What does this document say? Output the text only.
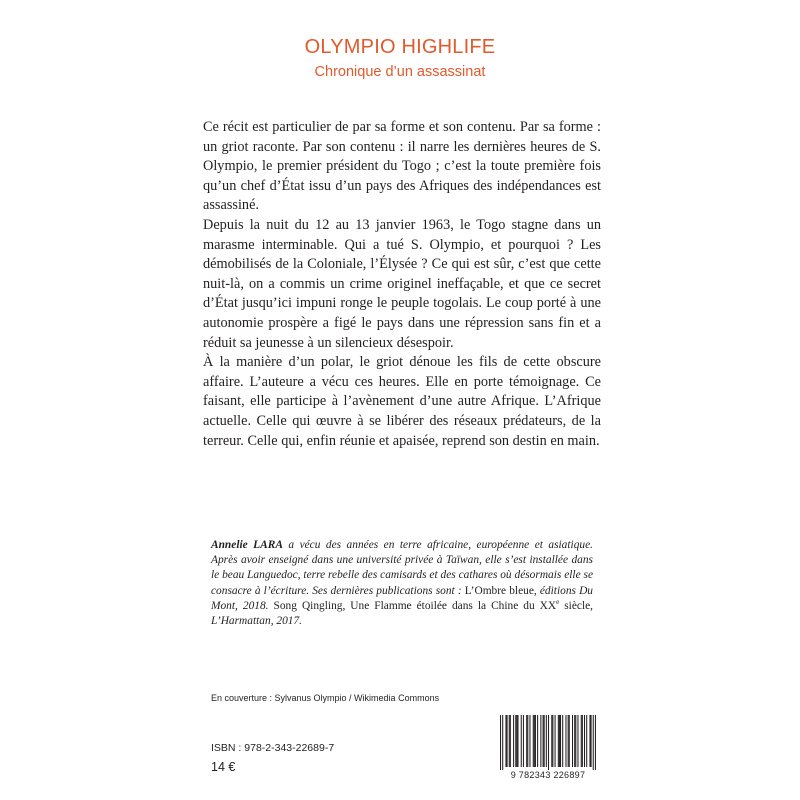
OLYMPIO HIGHLIFE
Chronique d’un assassinat

Ce récit est particulier de par sa forme et son contenu. Par sa forme : un griot raconte. Par son contenu : il narre les dernières heures de S. Olympio, le premier président du Togo ; c’est la toute première fois qu’un chef d’État issu d’un pays des Afriques des indépendances est assassiné.

Depuis la nuit du 12 au 13 janvier 1963, le Togo stagne dans un marasme interminable. Qui a tué S. Olympio, et pourquoi ? Les démobilisés de la Coloniale, l’Élysée ? Ce qui est sûr, c’est que cette nuit-là, on a commis un crime originel ineffaçable, et que ce secret d’État jusqu’ici impuni ronge le peuple togolais. Le coup porté à une autonomie prospère a figé le pays dans une répression sans fin et a réduit sa jeunesse à un silencieux désespoir.

À la manière d’un polar, le griot dénoue les fils de cette obscure affaire. L’auteure a vécu ces heures. Elle en porte témoignage. Ce faisant, elle participe à l’avènement d’une autre Afrique. L’Afrique actuelle. Celle qui œuvre à se libérer des réseaux prédateurs, de la terreur. Celle qui, enfin réunie et apaisée, reprend son destin en main.

Annelie LARA a vécu des années en terre africaine, européenne et asiatique. Après avoir enseigné dans une université privée à Taïwan, elle s’est installée dans le beau Languedoc, terre rebelle des camisards et des cathares où désormais elle se consacre à l’écriture. Ses dernières publications sont : L’Ombre bleue, éditions Du Mont, 2018. Song Qingling, Une Flamme étoilée dans la Chine du XXe siècle, L’Harmattan, 2017.

En couverture : Sylvanus Olympio / Wikimedia Commons
ISBN : 978-2-343-22689-7
14 €
9 782343 226897
